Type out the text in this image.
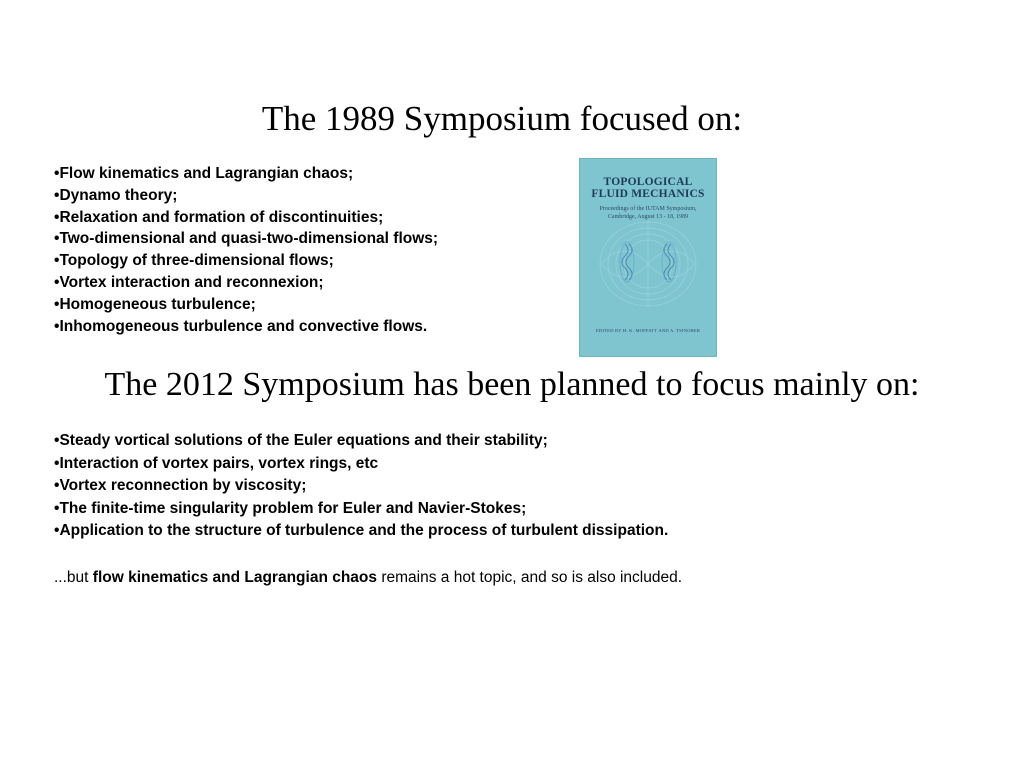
The 1989 Symposium focused on:
• Flow kinematics and Lagrangian chaos;
• Dynamo theory;
• Relaxation and formation of discontinuities;
• Two-dimensional and quasi-two-dimensional flows;
• Topology of three-dimensional flows;
• Vortex interaction and reconnexion;
• Homogeneous turbulence;
• Inhomogeneous turbulence and convective flows.
TOPOLOGICAL
FLUID MECHANICS
Proceedings of the IUTAM Symposium,
Cambridge, August 13 - 18, 1989
EDITED BY H. K. MOFFATT AND A. TSINOBER
The 2012 Symposium has been planned to focus mainly on:
• Steady vortical solutions of the Euler equations and their stability;
• Interaction of vortex pairs, vortex rings, etc
• Vortex reconnection by viscosity;
• The finite-time singularity problem for Euler and Navier-Stokes;
• Application to the structure of turbulence and the process of turbulent dissipation.

...but flow kinematics and Lagrangian chaos remains a hot topic, and so is also included.
